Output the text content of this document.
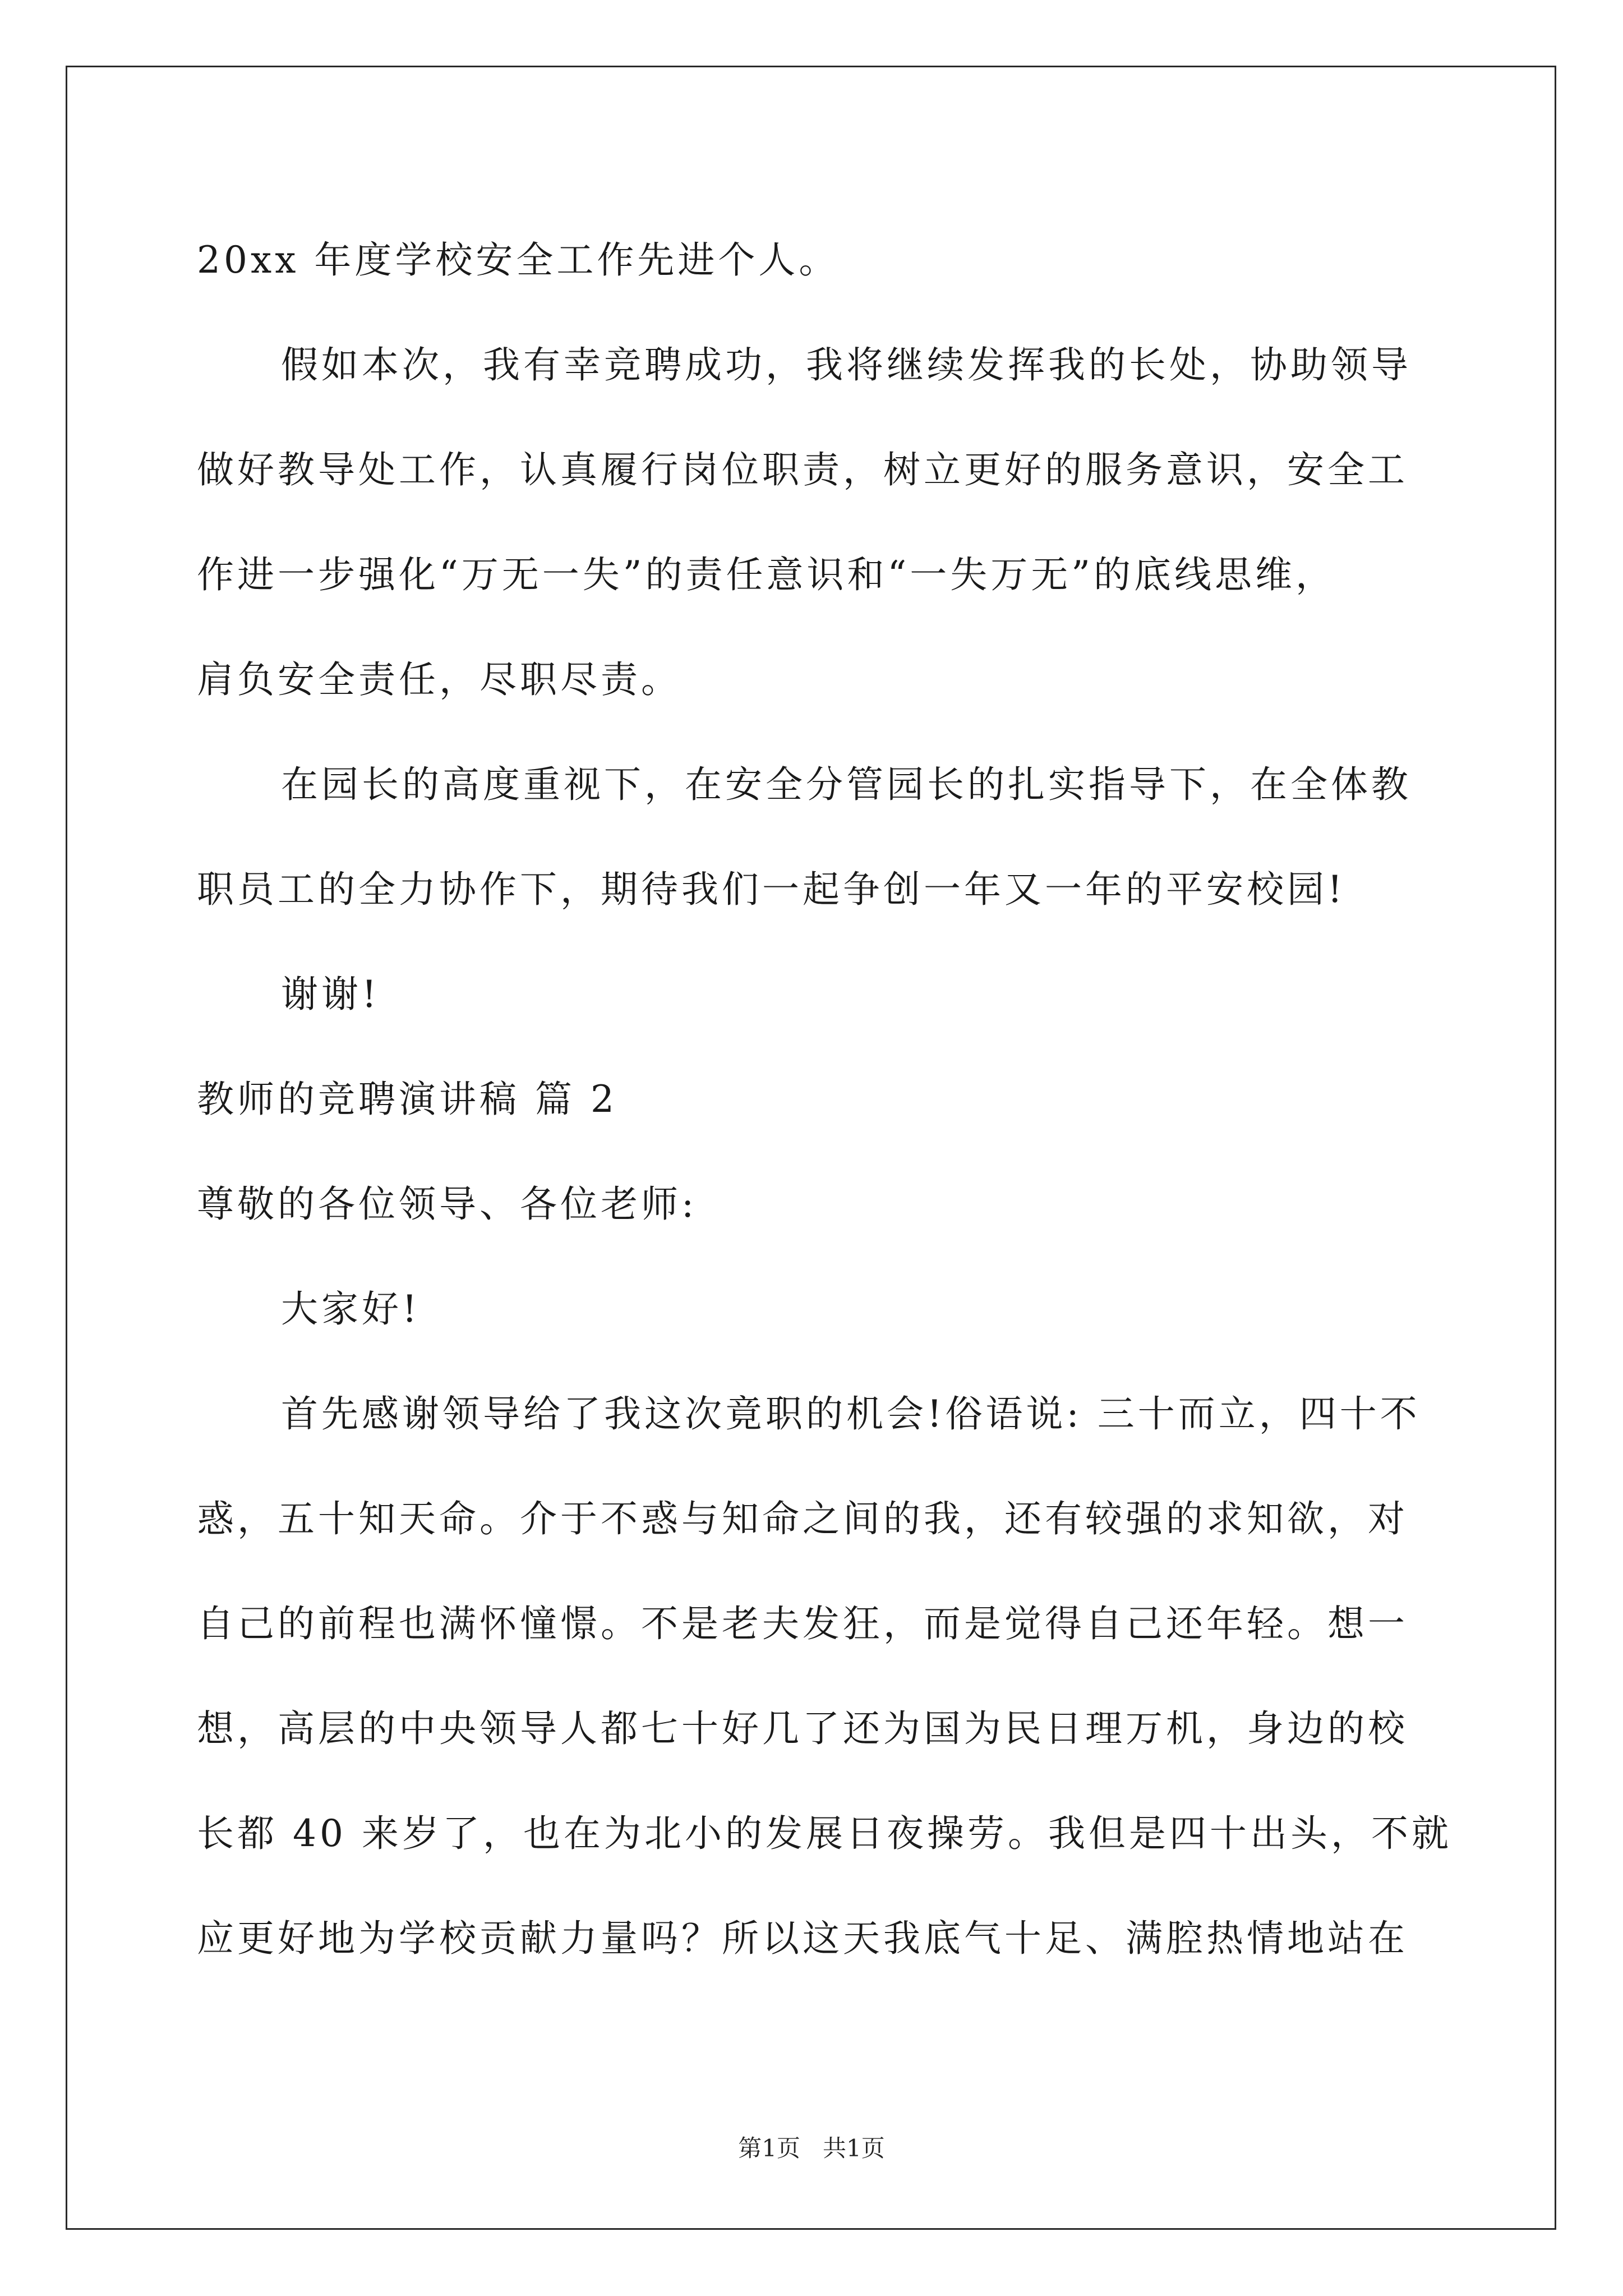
20xx 年度学校安全工作先进个人。
假如本次，我有幸竞聘成功，我将继续发挥我的长处，协助领导
做好教导处工作，认真履行岗位职责，树立更好的服务意识，安全工
作进一步强化“万无一失”的责任意识和“一失万无”的底线思维，
肩负安全责任，尽职尽责。
在园长的高度重视下，在安全分管园长的扎实指导下，在全体教
职员工的全力协作下，期待我们一起争创一年又一年的平安校园!
谢谢!
教师的竞聘演讲稿 篇 2
尊敬的各位领导、各位老师:
大家好!
首先感谢领导给了我这次竟职的机会!俗语说: 三十而立，四十不
惑，五十知天命。介于不惑与知命之间的我，还有较强的求知欲，对
自己的前程也满怀憧憬。不是老夫发狂，而是觉得自己还年轻。想一
想，高层的中央领导人都七十好几了还为国为民日理万机，身边的校
长都 40 来岁了，也在为北小的发展日夜操劳。我但是四十出头，不就
应更好地为学校贡献力量吗？所以这天我底气十足、满腔热情地站在
第1页 共1页
